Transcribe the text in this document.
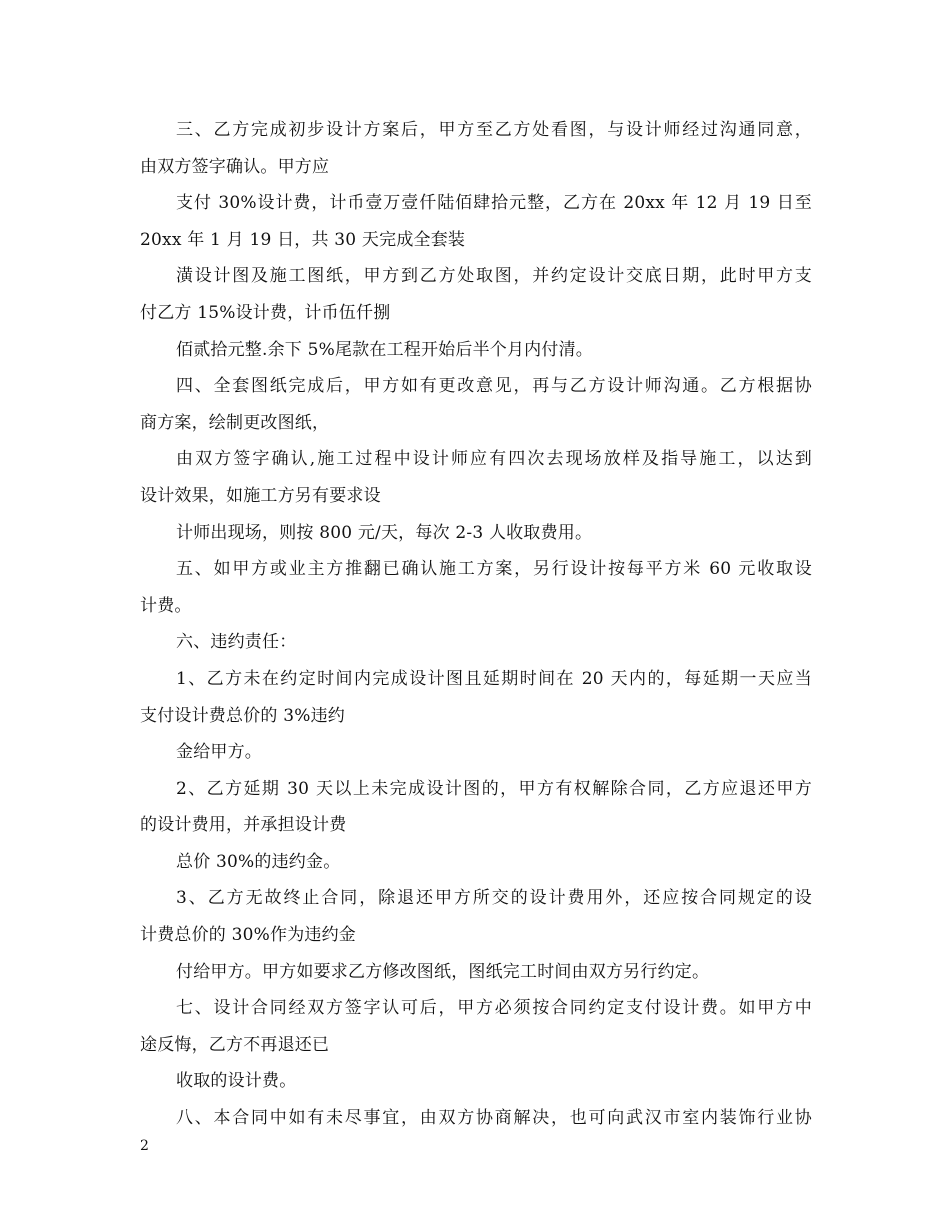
三、乙方完成初步设计方案后，甲方至乙方处看图，与设计师经过沟通同意，
由双方签字确认。甲方应
支付 30%设计费，计币壹万壹仟陆佰肆拾元整，乙方在 20xx 年 12 月 19 日至
20xx 年 1 月 19 日，共 30 天完成全套装
潢设计图及施工图纸，甲方到乙方处取图，并约定设计交底日期，此时甲方支
付乙方 15%设计费，计币伍仟捌
佰贰拾元整.余下 5%尾款在工程开始后半个月内付清。
四、全套图纸完成后，甲方如有更改意见，再与乙方设计师沟通。乙方根据协
商方案，绘制更改图纸，
由双方签字确认,施工过程中设计师应有四次去现场放样及指导施工，以达到
设计效果，如施工方另有要求设
计师出现场，则按 800 元/天，每次 2-3 人收取费用。
五、如甲方或业主方推翻已确认施工方案，另行设计按每平方米 60 元收取设
计费。
六、违约责任：
1、乙方未在约定时间内完成设计图且延期时间在 20 天内的，每延期一天应当
支付设计费总价的 3%违约
金给甲方。
2、乙方延期 30 天以上未完成设计图的，甲方有权解除合同，乙方应退还甲方
的设计费用，并承担设计费
总价 30%的违约金。
3、乙方无故终止合同，除退还甲方所交的设计费用外，还应按合同规定的设
计费总价的 30%作为违约金
付给甲方。甲方如要求乙方修改图纸，图纸完工时间由双方另行约定。
七、设计合同经双方签字认可后，甲方必须按合同约定支付设计费。如甲方中
途反悔，乙方不再退还已
收取的设计费。
八、本合同中如有未尽事宜，由双方协商解决，也可向武汉市室内装饰行业协
2
